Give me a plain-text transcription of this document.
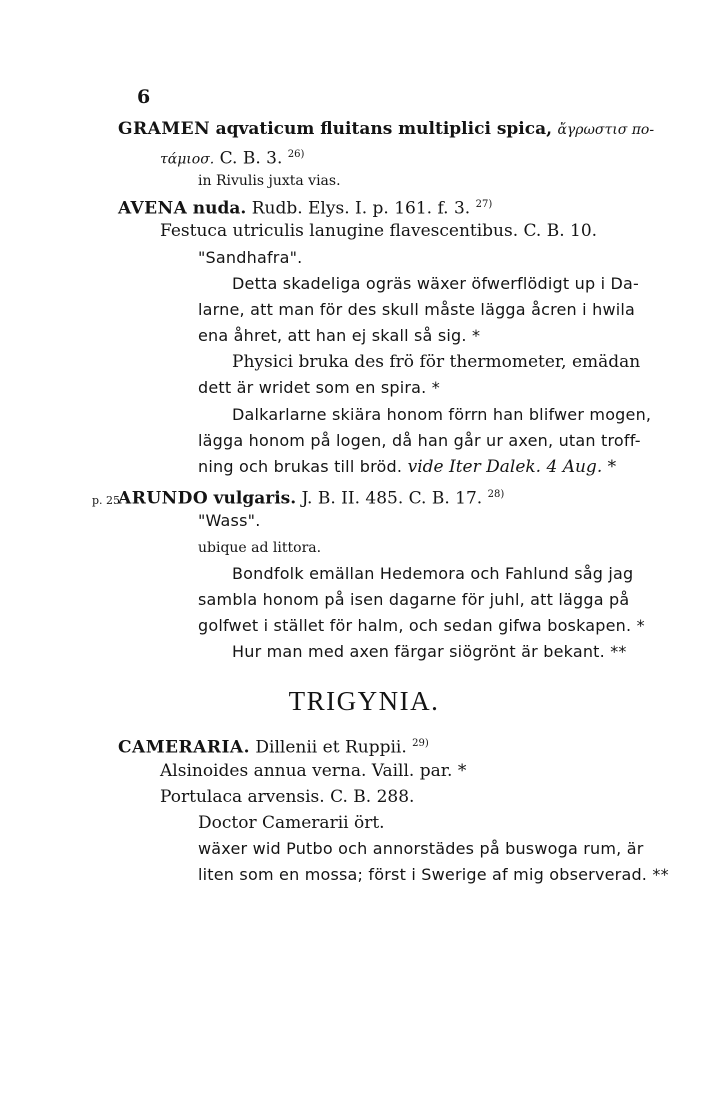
6
GRAMEN aqvaticum fluitans multiplici spica, ἄγρωστισ πο-
τάμιοσ. C. B. 3. $^{26)}$
in Rivulis juxta vias.
AVENA nuda. Rudb. Elys. I. p. 161. f. 3. $^{27)}$
Festuca utriculis lanugine flavescentibus. C. B. 10.
"Sandhafra".
Detta skadeliga ogräs wäxer öfwerflödigt up i Da-
larne, att man för des skull måste lägga åcren i hwila
ena åhret, att han ej skall så sig. *
Physici bruka des frö för thermometer, emädan
dett är wridet som en spira. *
Dalkarlarne skiära honom förrn han blifwer mogen,
lägga honom på logen, då han går ur axen, utan troff-
ning och brukas till bröd. vide Iter Dalek. 4 Aug. *
p. 25
ARUNDO vulgaris. J. B. II. 485. C. B. 17. $^{28)}$
"Wass".
ubique ad littora.
Bondfolk emällan Hedemora och Fahlund såg jag
sambla honom på isen dagarne för juhl, att lägga på
golfwet i stället för halm, och sedan gifwa boskapen. *
Hur man med axen färgar siögrönt är bekant. **
TRIGYNIA.
CAMERARIA. Dillenii et Ruppii. $^{29)}$
Alsinoides annua verna. Vaill. par. *
Portulaca arvensis. C. B. 288.
Doctor Camerarii ört.
wäxer wid Putbo och annorstädes på buswoga rum, är
liten som en mossa; först i Swerige af mig observerad. **
